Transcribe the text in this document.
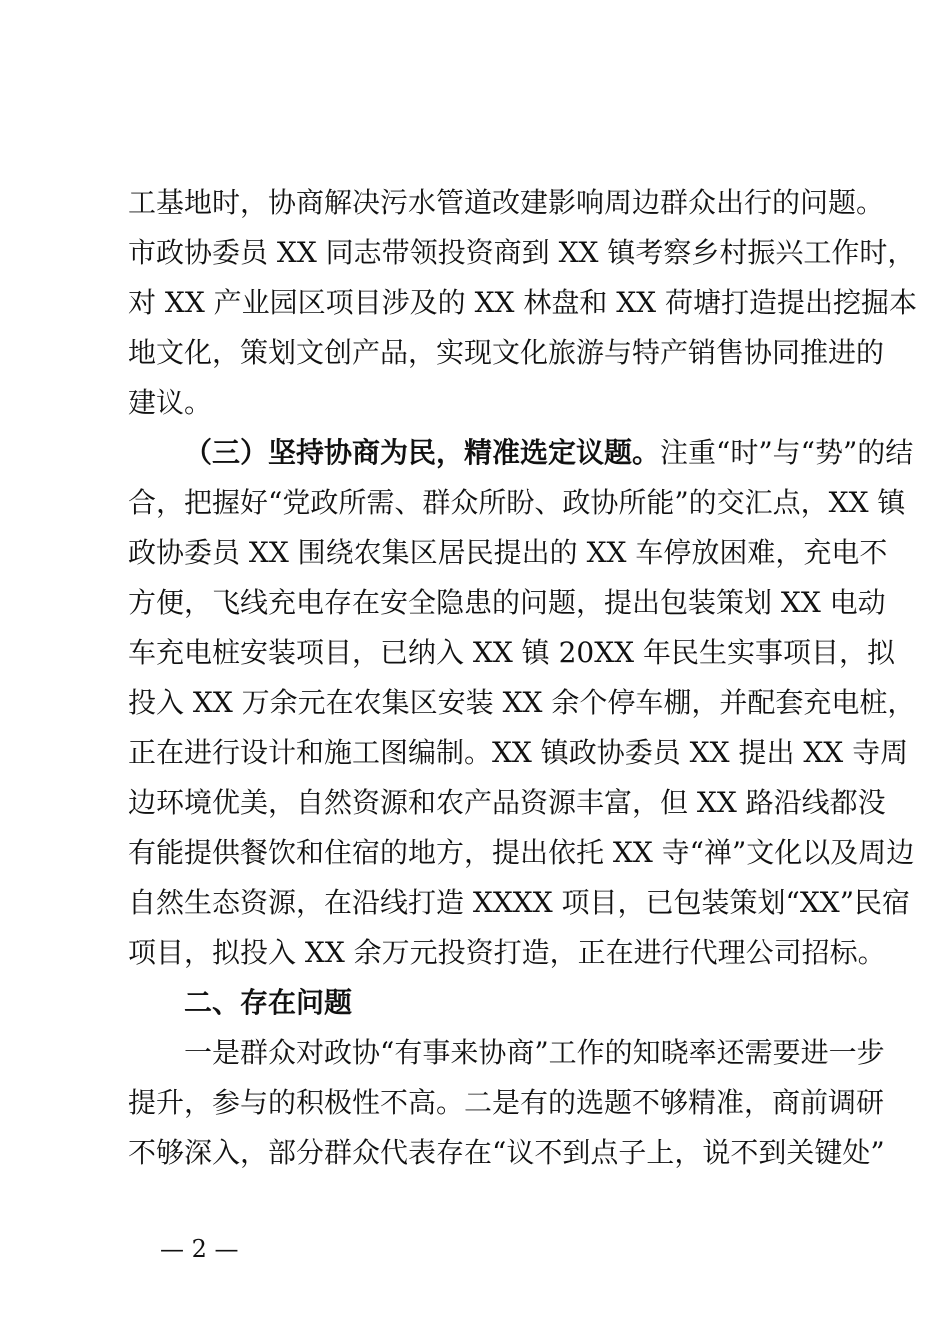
工基地时，协商解决污水管道改建影响周边群众出行的问题。
市政协委员 XX 同志带领投资商到 XX 镇考察乡村振兴工作时，
对 XX 产业园区项目涉及的 XX 林盘和 XX 荷塘打造提出挖掘本
地文化，策划文创产品，实现文化旅游与特产销售协同推进的
建议。
（三）坚持协商为民，精准选定议题。注重“时”与“势”的结
合，把握好“党政所需、群众所盼、政协所能”的交汇点，XX 镇
政协委员 XX 围绕农集区居民提出的 XX 车停放困难，充电不
方便，飞线充电存在安全隐患的问题，提出包装策划 XX 电动
车充电桩安装项目，已纳入 XX 镇 20XX 年民生实事项目，拟
投入 XX 万余元在农集区安装 XX 余个停车棚，并配套充电桩，
正在进行设计和施工图编制。XX 镇政协委员 XX 提出 XX 寺周
边环境优美，自然资源和农产品资源丰富，但 XX 路沿线都没
有能提供餐饮和住宿的地方，提出依托 XX 寺“禅”文化以及周边
自然生态资源，在沿线打造 XXXX 项目，已包装策划“XX”民宿
项目，拟投入 XX 余万元投资打造，正在进行代理公司招标。
二、存在问题
一是群众对政协“有事来协商”工作的知晓率还需要进一步
提升，参与的积极性不高。二是有的选题不够精准，商前调研
不够深入，部分群众代表存在“议不到点子上，说不到关键处”
— 2 —
